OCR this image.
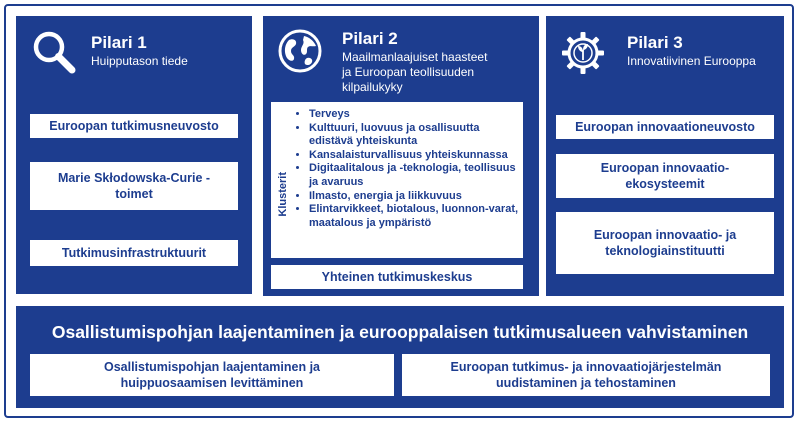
Pilari 1
Huipputason tiede
Euroopan tutkimusneuvosto
Marie Skłodowska-Curie -
toimet
Tutkimusinfrastruktuurit
Pilari 2
Maailmanlaajuiset haasteet
ja Euroopan teollisuuden
kilpailukyky
Klusterit
• Terveys
• Kulttuuri, luovuus ja osallisuutta edistävä yhteiskunta
• Kansalaisturvallisuus yhteiskunnassa
• Digitaalitalous ja -teknologia, teollisuus ja avaruus
• Ilmasto, energia ja liikkuvuus
• Elintarvikkeet, biotalous, luonnon-varat, maatalous ja ympäristö
Yhteinen tutkimuskeskus
Pilari 3
Innovatiivinen Eurooppa
Euroopan innovaationeuvosto
Euroopan innovaatio-
ekosysteemit
Euroopan innovaatio- ja
teknologiainstituutti
Osallistumispohjan laajentaminen ja eurooppalaisen tutkimusalueen vahvistaminen
Osallistumispohjan laajentaminen ja
huippuosaamisen levittäminen
Euroopan tutkimus- ja innovaatiojärjestelmän
uudistaminen ja tehostaminen
